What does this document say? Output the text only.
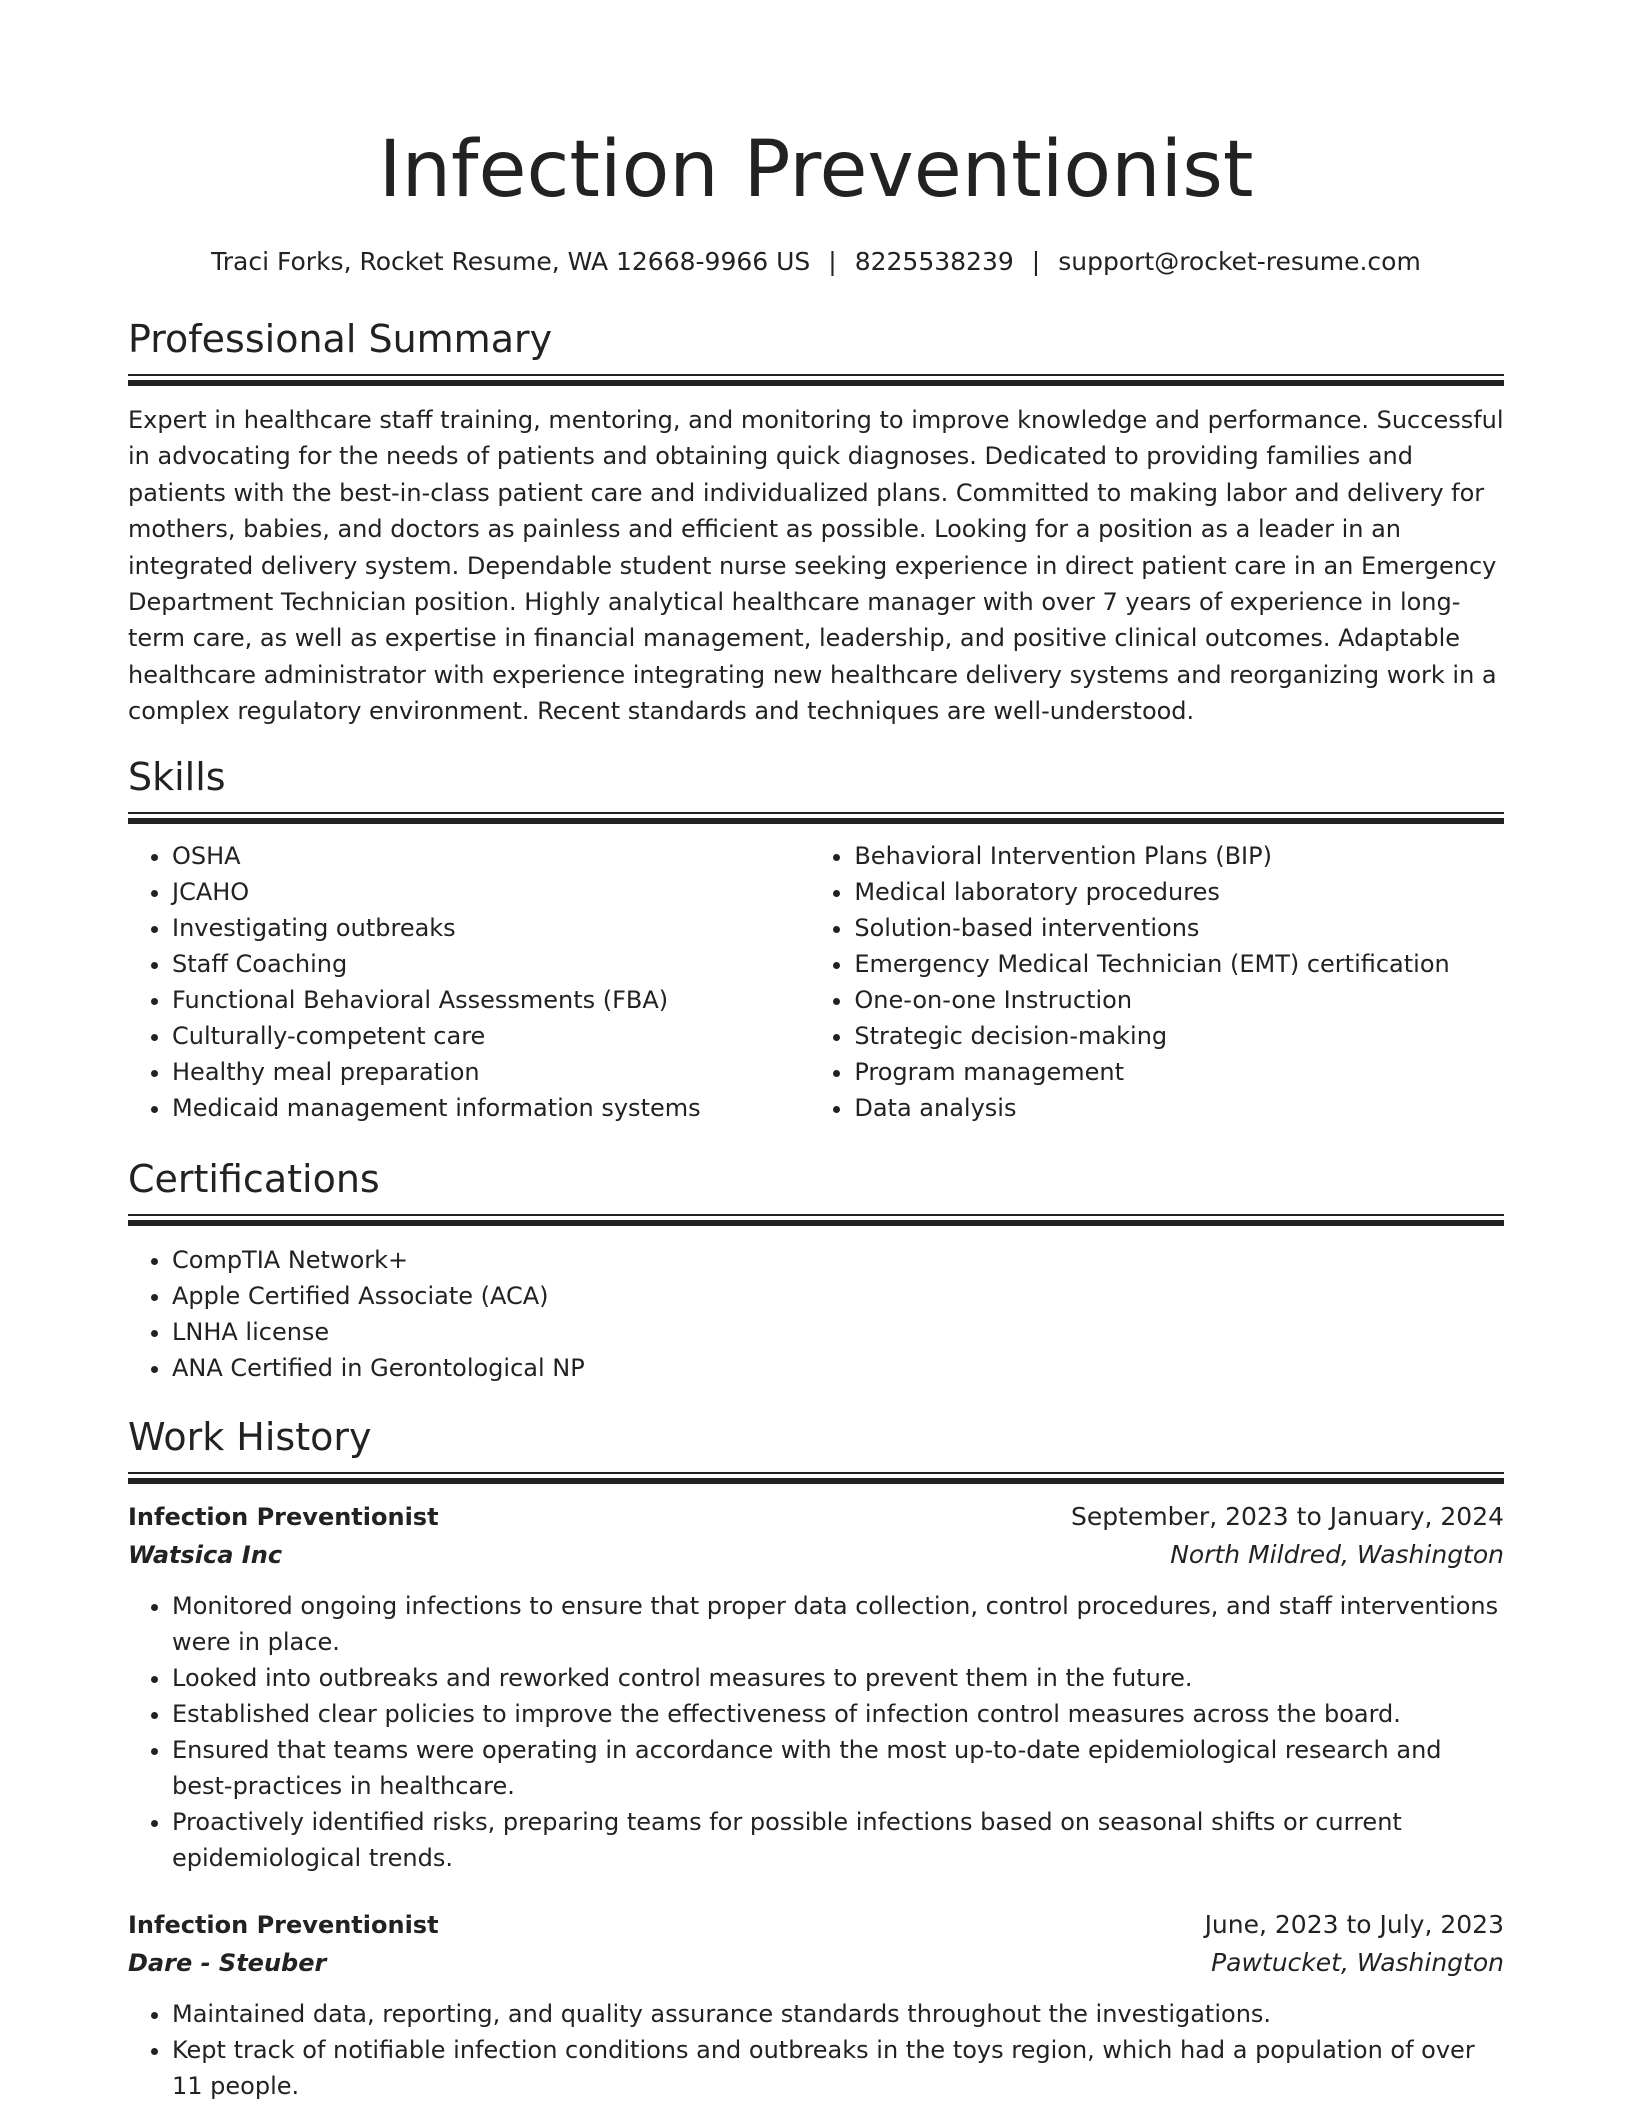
Infection Preventionist
Traci Forks, Rocket Resume, WA 12668-9966 US | 8225538239 | support@rocket-resume.com
Professional Summary

Expert in healthcare staff training, mentoring, and monitoring to improve knowledge and performance. Successful in advocating for the needs of patients and obtaining quick diagnoses. Dedicated to providing families and patients with the best-in-class patient care and individualized plans. Committed to making labor and delivery for mothers, babies, and doctors as painless and efficient as possible. Looking for a position as a leader in an integrated delivery system. Dependable student nurse seeking experience in direct patient care in an Emergency Department Technician position. Highly analytical healthcare manager with over 7 years of experience in long-term care, as well as expertise in financial management, leadership, and positive clinical outcomes. Adaptable healthcare administrator with experience integrating new healthcare delivery systems and reorganizing work in a complex regulatory environment. Recent standards and techniques are well-understood.

Skills
• OSHA
• JCAHO
• Investigating outbreaks
• Staff Coaching
• Functional Behavioral Assessments (FBA)
• Culturally-competent care
• Healthy meal preparation
• Medicaid management information systems
• Behavioral Intervention Plans (BIP)
• Medical laboratory procedures
• Solution-based interventions
• Emergency Medical Technician (EMT) certification
• One-on-one Instruction
• Strategic decision-making
• Program management
• Data analysis
Certifications
• CompTIA Network+
• Apple Certified Associate (ACA)
• LNHA license
• ANA Certified in Gerontological NP
Work History
Infection Preventionist	September, 2023 to January, 2024
Watsica Inc	North Mildred, Washington
• Monitored ongoing infections to ensure that proper data collection, control procedures, and staff interventions were in place.
• Looked into outbreaks and reworked control measures to prevent them in the future.
• Established clear policies to improve the effectiveness of infection control measures across the board.
• Ensured that teams were operating in accordance with the most up-to-date epidemiological research and best-practices in healthcare.
• Proactively identified risks, preparing teams for possible infections based on seasonal shifts or current epidemiological trends.
Infection Preventionist	June, 2023 to July, 2023
Dare - Steuber	Pawtucket, Washington
• Maintained data, reporting, and quality assurance standards throughout the investigations.
• Kept track of notifiable infection conditions and outbreaks in the toys region, which had a population of over 11 people.
